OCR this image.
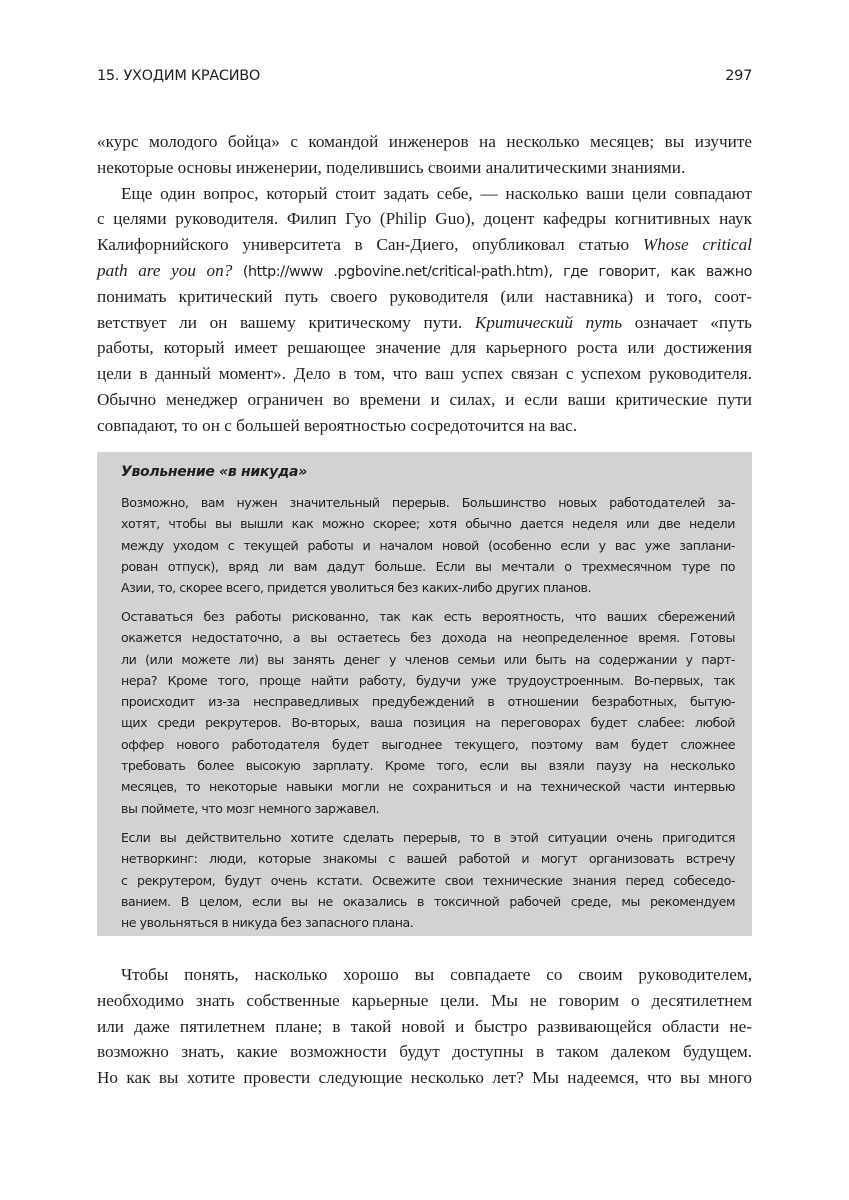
15. УХОДИМ КРАСИВО	297
«курс молодого бойца» с командой инженеров на несколько месяцев; вы изучите
некоторые основы инженерии, поделившись своими аналитическими знаниями.
Еще один вопрос, который стоит задать себе, — насколько ваши цели совпадают
с целями руководителя. Филип Гуо (Philip Guo), доцент кафедры когнитивных наук
Калифорнийского университета в Сан-Диего, опубликовал статью Whose critical
path are you on? (http://www .pgbovine.net/critical-path.htm), где говорит, как важно
понимать критический путь своего руководителя (или наставника) и того, соот-
ветствует ли он вашему критическому пути. Критический путь означает «путь
работы, который имеет решающее значение для карьерного роста или достижения
цели в данный момент». Дело в том, что ваш успех связан с успехом руководителя.
Обычно менеджер ограничен во времени и силах, и если ваши критические пути
совпадают, то он с большей вероятностью сосредоточится на вас.
Увольнение «в никуда»
Возможно, вам нужен значительный перерыв. Большинство новых работодателей за-
хотят, чтобы вы вышли как можно скорее; хотя обычно дается неделя или две недели
между уходом с текущей работы и началом новой (особенно если у вас уже заплани-
рован отпуск), вряд ли вам дадут больше. Если вы мечтали о трехмесячном туре по
Азии, то, скорее всего, придется уволиться без каких-либо других планов.
Оставаться без работы рискованно, так как есть вероятность, что ваших сбережений
окажется недостаточно, а вы остаетесь без дохода на неопределенное время. Готовы
ли (или можете ли) вы занять денег у членов семьи или быть на содержании у парт-
нера? Кроме того, проще найти работу, будучи уже трудоустроенным. Во-первых, так
происходит из-за несправедливых предубеждений в отношении безработных, бытую-
щих среди рекрутеров. Во-вторых, ваша позиция на переговорах будет слабее: любой
оффер нового работодателя будет выгоднее текущего, поэтому вам будет сложнее
требовать более высокую зарплату. Кроме того, если вы взяли паузу на несколько
месяцев, то некоторые навыки могли не сохраниться и на технической части интервью
вы поймете, что мозг немного заржавел.
Если вы действительно хотите сделать перерыв, то в этой ситуации очень пригодится
нетворкинг: люди, которые знакомы с вашей работой и могут организовать встречу
с рекрутером, будут очень кстати. Освежите свои технические знания перед собеседо-
ванием. В целом, если вы не оказались в токсичной рабочей среде, мы рекомендуем
не увольняться в никуда без запасного плана.
Чтобы понять, насколько хорошо вы совпадаете со своим руководителем,
необходимо знать собственные карьерные цели. Мы не говорим о десятилетнем
или даже пятилетнем плане; в такой новой и быстро развивающейся области не-
возможно знать, какие возможности будут доступны в таком далеком будущем.
Но как вы хотите провести следующие несколько лет? Мы надеемся, что вы много
